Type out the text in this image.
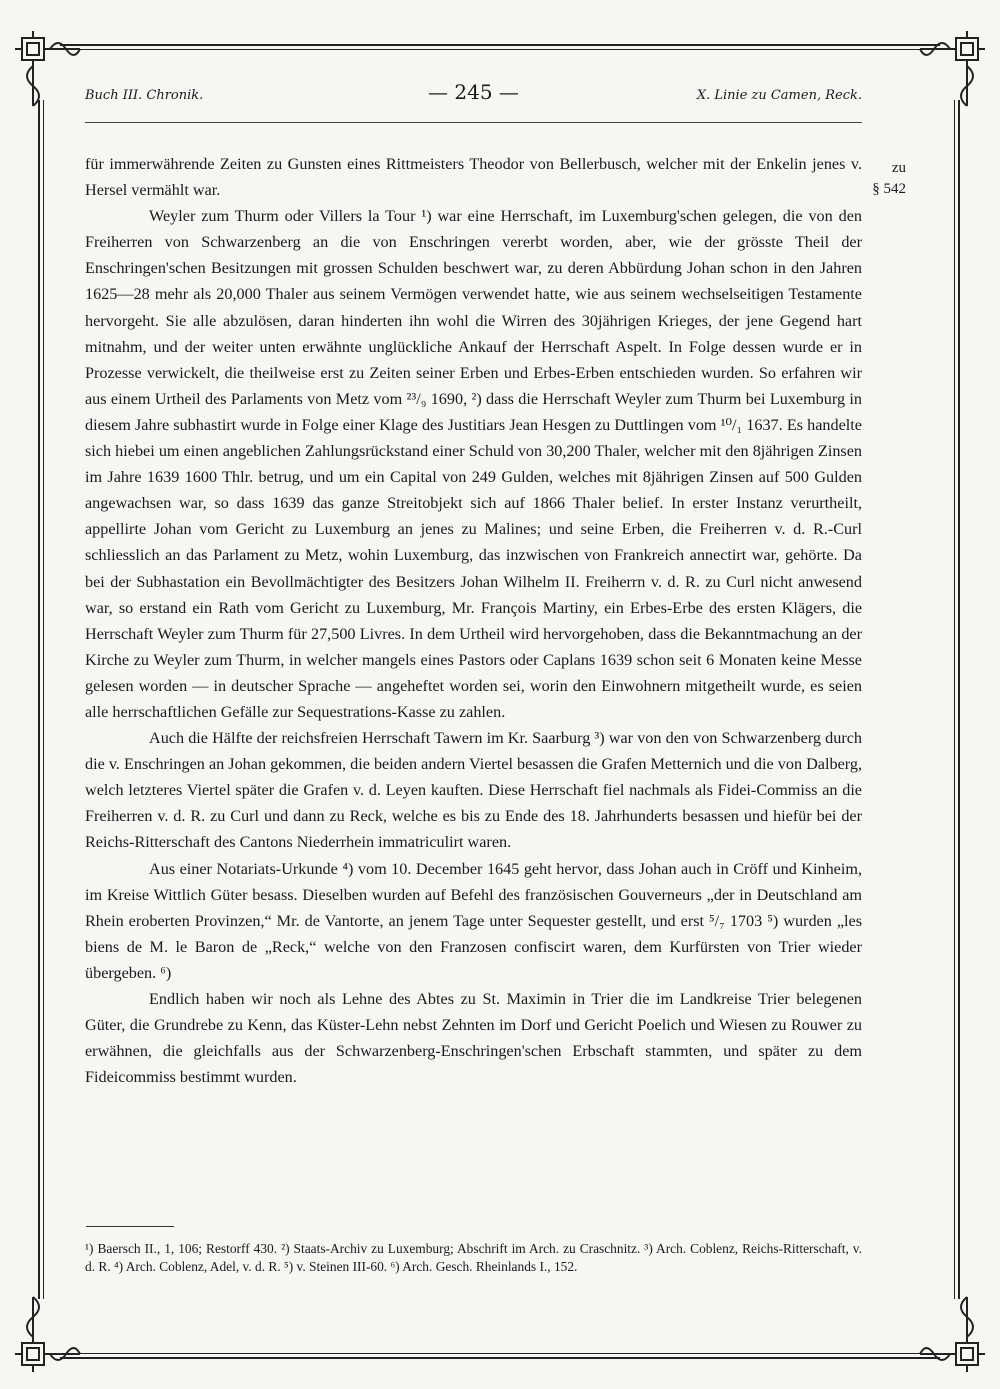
Buch III. Chronik.	— 245 —	X. Linie zu Camen, Reck.
zu
§ 542

für immerwährende Zeiten zu Gunsten eines Rittmeisters Theodor von Bellerbusch, welcher mit der Enkelin jenes v. Hersel vermählt war.

Weyler zum Thurm oder Villers la Tour ¹) war eine Herrschaft, im Luxemburg'schen gelegen, die von den Freiherren von Schwarzenberg an die von Enschringen vererbt worden, aber, wie der grösste Theil der Enschringen'schen Besitzungen mit grossen Schulden beschwert war, zu deren Abbürdung Johan schon in den Jahren 1625—28 mehr als 20,000 Thaler aus seinem Vermögen verwendet hatte, wie aus seinem wechselseitigen Testamente hervorgeht. Sie alle abzulösen, daran hinderten ihn wohl die Wirren des 30jährigen Krieges, der jene Gegend hart mitnahm, und der weiter unten erwähnte unglückliche Ankauf der Herrschaft Aspelt. In Folge dessen wurde er in Prozesse verwickelt, die theilweise erst zu Zeiten seiner Erben und Erbes-Erben entschieden wurden. So erfahren wir aus einem Urtheil des Parlaments von Metz vom ²³/₉ 1690, ²) dass die Herrschaft Weyler zum Thurm bei Luxemburg in diesem Jahre subhastirt wurde in Folge einer Klage des Justitiars Jean Hesgen zu Duttlingen vom ¹⁰/₁ 1637. Es handelte sich hiebei um einen angeblichen Zahlungsrückstand einer Schuld von 30,200 Thaler, welcher mit den 8jährigen Zinsen im Jahre 1639 1600 Thlr. betrug, und um ein Capital von 249 Gulden, welches mit 8jährigen Zinsen auf 500 Gulden angewachsen war, so dass 1639 das ganze Streitobjekt sich auf 1866 Thaler belief. In erster Instanz verurtheilt, appellirte Johan vom Gericht zu Luxemburg an jenes zu Malines; und seine Erben, die Freiherren v. d. R.-Curl schliesslich an das Parlament zu Metz, wohin Luxemburg, das inzwischen von Frankreich annectirt war, gehörte. Da bei der Subhastation ein Bevollmächtigter des Besitzers Johan Wilhelm II. Freiherrn v. d. R. zu Curl nicht anwesend war, so erstand ein Rath vom Gericht zu Luxemburg, Mr. François Martiny, ein Erbes-Erbe des ersten Klägers, die Herrschaft Weyler zum Thurm für 27,500 Livres. In dem Urtheil wird hervorgehoben, dass die Bekanntmachung an der Kirche zu Weyler zum Thurm, in welcher mangels eines Pastors oder Caplans 1639 schon seit 6 Monaten keine Messe gelesen worden — in deutscher Sprache — angeheftet worden sei, worin den Einwohnern mitgetheilt wurde, es seien alle herrschaftlichen Gefälle zur Sequestrations-Kasse zu zahlen.

Auch die Hälfte der reichsfreien Herrschaft Tawern im Kr. Saarburg ³) war von den von Schwarzenberg durch die v. Enschringen an Johan gekommen, die beiden andern Viertel besassen die Grafen Metternich und die von Dalberg, welch letzteres Viertel später die Grafen v. d. Leyen kauften. Diese Herrschaft fiel nachmals als Fidei-Commiss an die Freiherren v. d. R. zu Curl und dann zu Reck, welche es bis zu Ende des 18. Jahrhunderts besassen und hiefür bei der Reichs-Ritterschaft des Cantons Niederrhein immatriculirt waren.

Aus einer Notariats-Urkunde ⁴) vom 10. December 1645 geht hervor, dass Johan auch in Cröff und Kinheim, im Kreise Wittlich Güter besass. Dieselben wurden auf Befehl des französischen Gouverneurs „der in Deutschland am Rhein eroberten Provinzen,“ Mr. de Vantorte, an jenem Tage unter Sequester gestellt, und erst ⁵/₇ 1703 ⁵) wurden „les biens de M. le Baron de „Reck,“ welche von den Franzosen confiscirt waren, dem Kurfürsten von Trier wieder übergeben. ⁶)

Endlich haben wir noch als Lehne des Abtes zu St. Maximin in Trier die im Landkreise Trier belegenen Güter, die Grundrebe zu Kenn, das Küster-Lehn nebst Zehnten im Dorf und Gericht Poelich und Wiesen zu Rouwer zu erwähnen, die gleichfalls aus der Schwarzenberg-Enschringen'schen Erbschaft stammten, und später zu dem Fideicommiss bestimmt wurden.

¹) Baersch II., 1, 106; Restorff 430. ²) Staats-Archiv zu Luxemburg; Abschrift im Arch. zu Craschnitz. ³) Arch. Coblenz, Reichs-Ritterschaft, v. d. R. ⁴) Arch. Coblenz, Adel, v. d. R. ⁵) v. Steinen III-60. ⁶) Arch. Gesch. Rheinlands I., 152.
